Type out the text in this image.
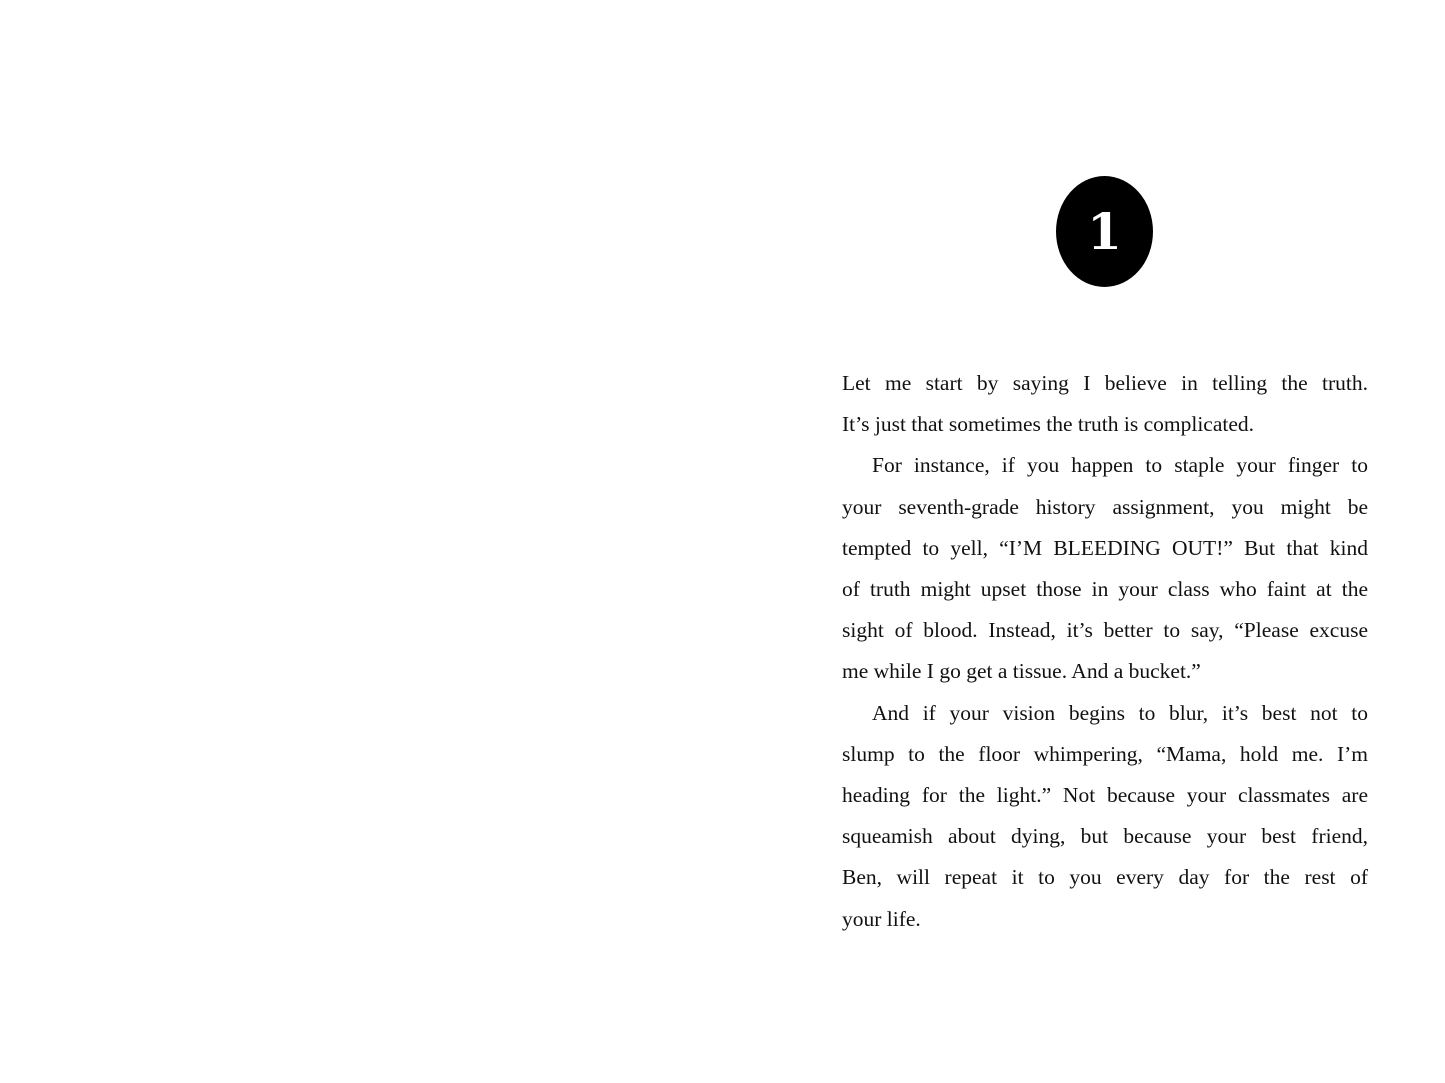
1

Let me start by saying I believe in telling the truth.
It’s just that sometimes the truth is complicated.

For instance, if you happen to staple your finger to
your seventh-grade history assignment, you might be
tempted to yell, “I’M BLEEDING OUT!” But that kind
of truth might upset those in your class who faint at the
sight of blood. Instead, it’s better to say, “Please excuse
me while I go get a tissue. And a bucket.”

And if your vision begins to blur, it’s best not to
slump to the floor whimpering, “Mama, hold me. I’m
heading for the light.” Not because your classmates are
squeamish about dying, but because your best friend,
Ben, will repeat it to you every day for the rest of
your life.
